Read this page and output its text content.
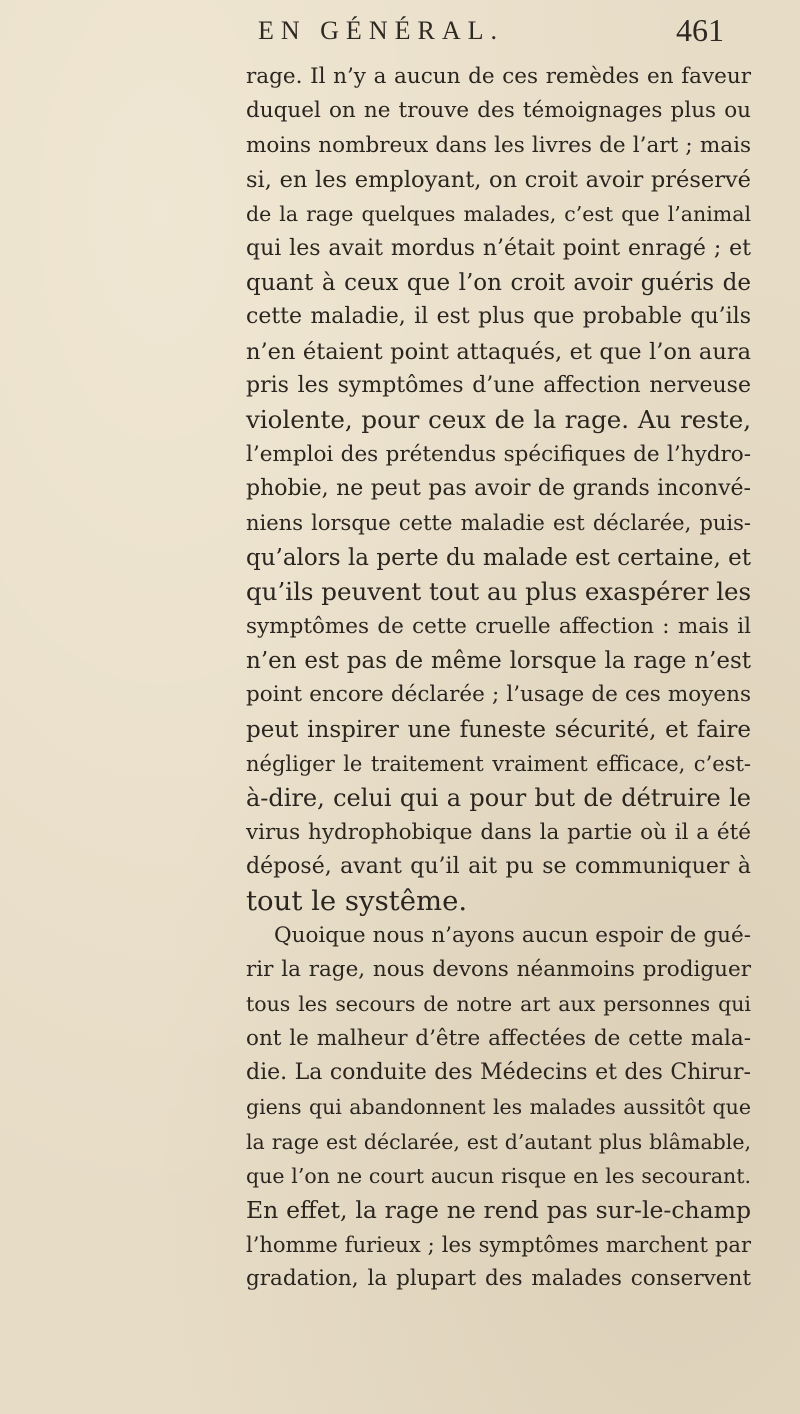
EN GÉNÉRAL.	461
rage. Il n’y a aucun de ces remèdes en faveur
duquel on ne trouve des témoignages plus ou
moins nombreux dans les livres de l’art ; mais
si, en les employant, on croit avoir préservé
de la rage quelques malades, c’est que l’animal
qui les avait mordus n’était point enragé ; et
quant à ceux que l’on croit avoir guéris de
cette maladie, il est plus que probable qu’ils
n’en étaient point attaqués, et que l’on aura
pris les symptômes d’une affection nerveuse
violente, pour ceux de la rage. Au reste,
l’emploi des prétendus spécifiques de l’hydro-
phobie, ne peut pas avoir de grands inconvé-
niens lorsque cette maladie est déclarée, puis-
qu’alors la perte du malade est certaine, et
qu’ils peuvent tout au plus exaspérer les
symptômes de cette cruelle affection : mais il
n’en est pas de même lorsque la rage n’est
point encore déclarée ; l’usage de ces moyens
peut inspirer une funeste sécurité, et faire
négliger le traitement vraiment efficace, c’est-
à-dire, celui qui a pour but de détruire le
virus hydrophobique dans la partie où il a été
déposé, avant qu’il ait pu se communiquer à
tout le systême.
Quoique nous n’ayons aucun espoir de gué-
rir la rage, nous devons néanmoins prodiguer
tous les secours de notre art aux personnes qui
ont le malheur d’être affectées de cette mala-
die. La conduite des Médecins et des Chirur-
giens qui abandonnent les malades aussitôt que
la rage est déclarée, est d’autant plus blâmable,
que l’on ne court aucun risque en les secourant.
En effet, la rage ne rend pas sur-le-champ
l’homme furieux ; les symptômes marchent par
gradation, la plupart des malades conservent
